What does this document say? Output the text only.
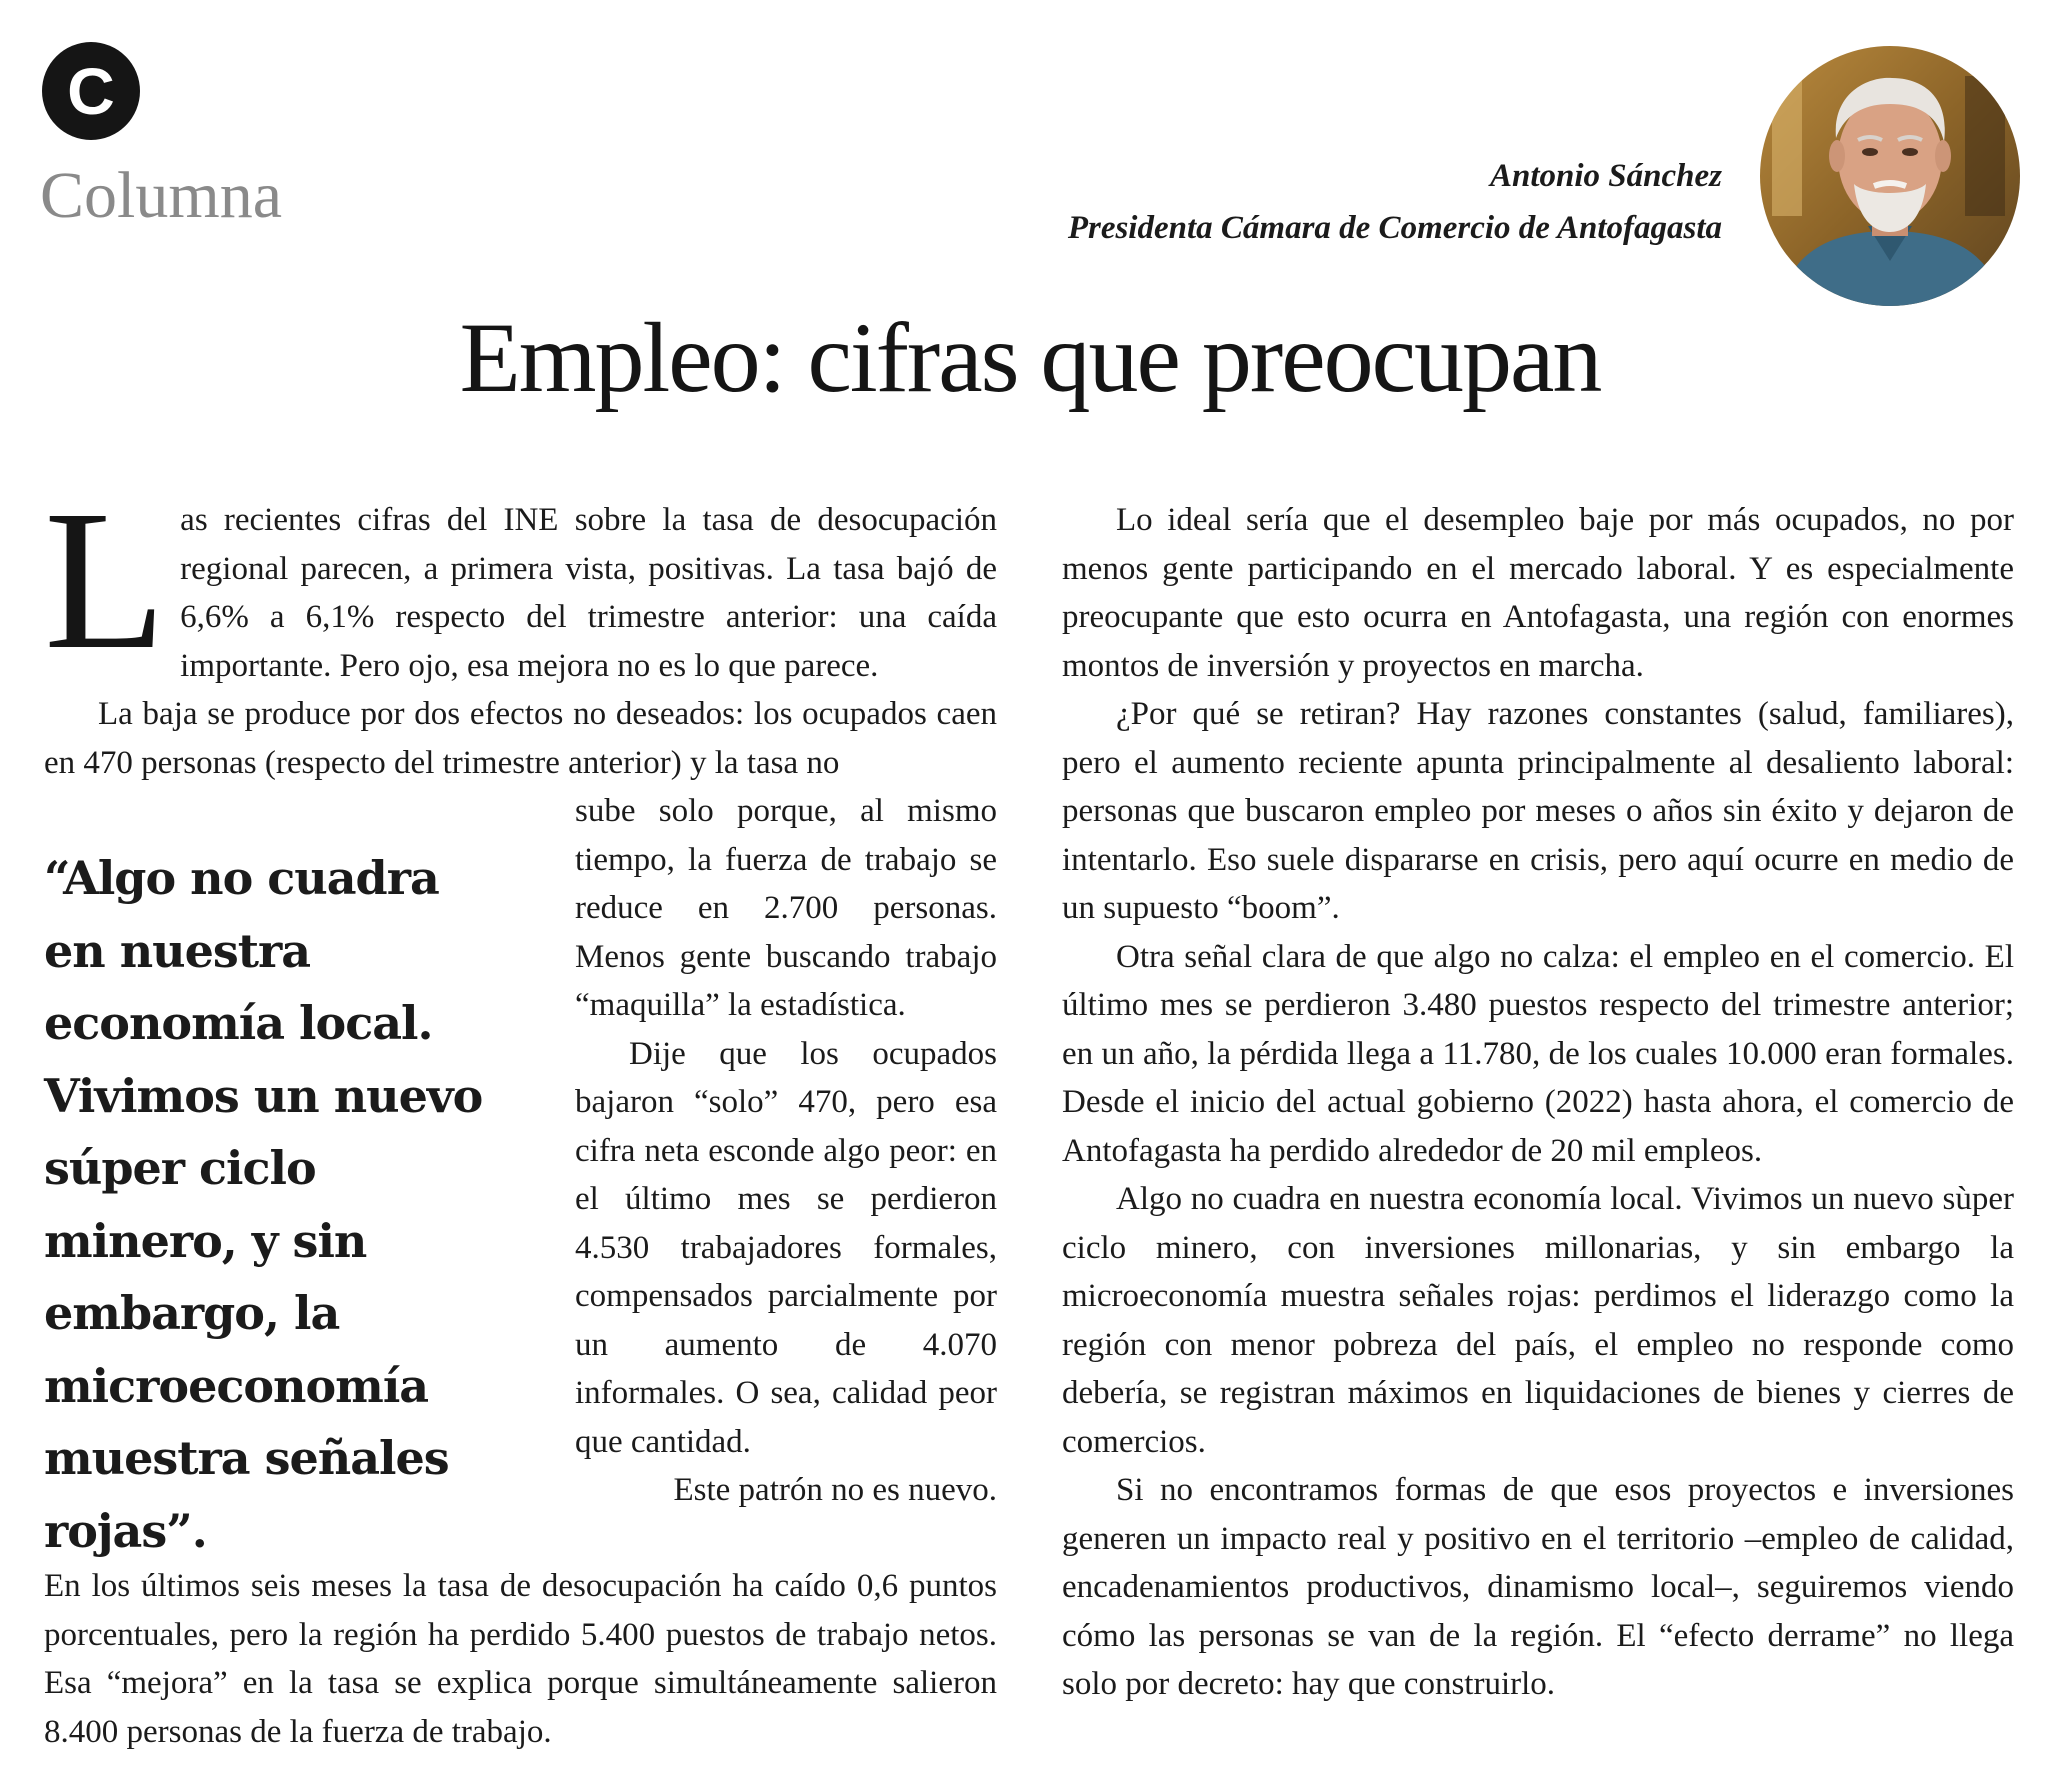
C
Columna	Antonio Sánchez
Presidenta Cámara de Comercio de Antofagasta
Empleo: cifras que preocupan

Las recientes cifras del INE sobre la tasa de desocupación regional parecen, a primera vista, positivas. La tasa bajó de 6,6% a 6,1% respecto del trimestre anterior: una caída importante. Pero ojo, esa mejora no es lo que parece.

La baja se produce por dos efectos no deseados: los ocupados caen en 470 personas (respecto del trimestre anterior) y la tasa no

“Algo no cuadra en nuestra economía local. Vivimos un nuevo súper ciclo minero, y sin embargo, la microeconomía muestra señales rojas”.

sube solo porque, al mismo tiempo, la fuerza de trabajo se reduce en 2.700 personas. Menos gente buscando trabajo “maquilla” la estadística.

Dije que los ocupados bajaron “solo” 470, pero esa cifra neta esconde algo peor: en el último mes se perdieron 4.530 trabajadores formales, compensados parcialmente por un aumento de 4.070 informales. O sea, calidad peor que cantidad.

Este patrón no es nuevo.

En los últimos seis meses la tasa de desocupación ha caído 0,6 puntos porcentuales, pero la región ha perdido 5.400 puestos de trabajo netos. Esa “mejora” en la tasa se explica porque simultáneamente salieron 8.400 personas de la fuerza de trabajo.

Lo ideal sería que el desempleo baje por más ocupados, no por menos gente participando en el mercado laboral. Y es especialmente preocupante que esto ocurra en Antofagasta, una región con enormes montos de inversión y proyectos en marcha.

¿Por qué se retiran? Hay razones constantes (salud, familiares), pero el aumento reciente apunta principalmente al desaliento laboral: personas que buscaron empleo por meses o años sin éxito y dejaron de intentarlo. Eso suele dispararse en crisis, pero aquí ocurre en medio de un supuesto “boom”.

Otra señal clara de que algo no calza: el empleo en el comercio. El último mes se perdieron 3.480 puestos respecto del trimestre anterior; en un año, la pérdida llega a 11.780, de los cuales 10.000 eran formales. Desde el inicio del actual gobierno (2022) hasta ahora, el comercio de Antofagasta ha perdido alrededor de 20 mil empleos.

Algo no cuadra en nuestra economía local. Vivimos un nuevo sùper ciclo minero, con inversiones millonarias, y sin embargo la microeconomía muestra señales rojas: perdimos el liderazgo como la región con menor pobreza del país, el empleo no responde como debería, se registran máximos en liquidaciones de bienes y cierres de comercios.

Si no encontramos formas de que esos proyectos e inversiones generen un impacto real y positivo en el territorio –empleo de calidad, encadenamientos productivos, dinamismo local–, seguiremos viendo cómo las personas se van de la región. El “efecto derrame” no llega solo por decreto: hay que construirlo.
